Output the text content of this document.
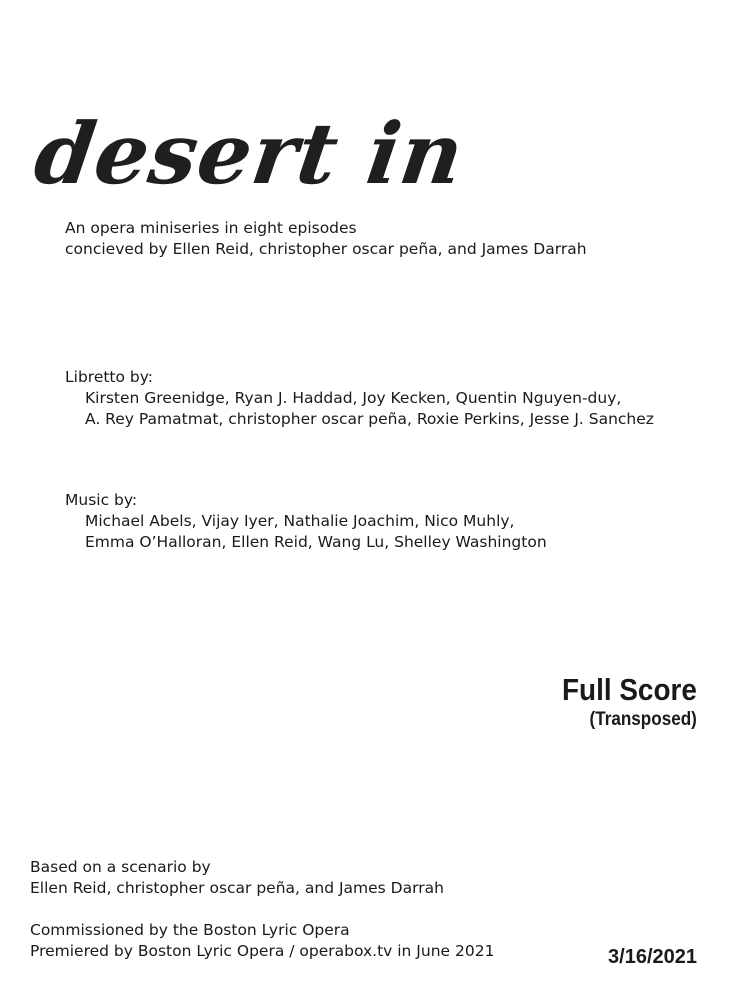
desert in
An opera miniseries in eight episodes
concieved by Ellen Reid, christopher oscar peña, and James Darrah
Libretto by:
Kirsten Greenidge, Ryan J. Haddad, Joy Kecken, Quentin Nguyen-duy,
A. Rey Pamatmat, christopher oscar peña, Roxie Perkins, Jesse J. Sanchez
Music by:
Michael Abels, Vijay Iyer, Nathalie Joachim, Nico Muhly,
Emma O’Halloran, Ellen Reid, Wang Lu, Shelley Washington
Full Score
(Transposed)
Based on a scenario by
Ellen Reid, christopher oscar peña, and James Darrah
Commissioned by the Boston Lyric Opera
Premiered by Boston Lyric Opera / operabox.tv in June 2021	3/16/2021
